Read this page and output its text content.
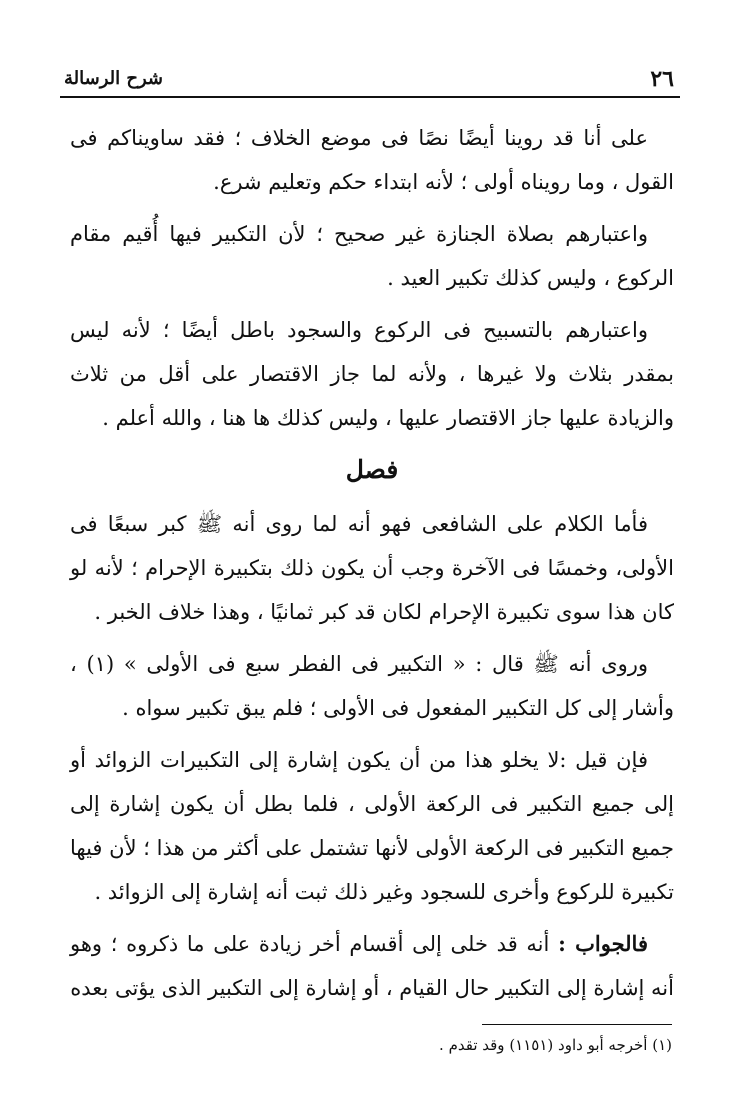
٢٦
شرح الرسالة

على أنا قد روينا أيضًا نصًا فى موضع الخلاف ؛ فقد ساويناكم فى القول ، وما رويناه أولى ؛ لأنه ابتداء حكم وتعليم شرع.

واعتبارهم بصلاة الجنازة غير صحيح ؛ لأن التكبير فيها أُقيم مقام الركوع ، وليس كذلك تكبير العيد .

واعتبارهم بالتسبيح فى الركوع والسجود باطل أيضًا ؛ لأنه ليس بمقدر بثلاث ولا غيرها ، ولأنه لما جاز الاقتصار على أقل من ثلاث والزيادة عليها جاز الاقتصار عليها ، وليس كذلك ها هنا ، والله أعلم .

فصل

فأما الكلام على الشافعى فهو أنه لما روى أنه ﷺ كبر سبعًا فى الأولى، وخمسًا فى الآخرة وجب أن يكون ذلك بتكبيرة الإحرام ؛ لأنه لو كان هذا سوى تكبيرة الإحرام لكان قد كبر ثمانيًا ، وهذا خلاف الخبر .

وروى أنه ﷺ قال : « التكبير فى الفطر سبع فى الأولى » (١) ، وأشار إلى كل التكبير المفعول فى الأولى ؛ فلم يبق تكبير سواه .

فإن قيل :لا يخلو هذا من أن يكون إشارة إلى التكبيرات الزوائد أو إلى جميع التكبير فى الركعة الأولى ، فلما بطل أن يكون إشارة إلى جميع التكبير فى الركعة الأولى لأنها تشتمل على أكثر من هذا ؛ لأن فيها تكبيرة للركوع وأخرى للسجود وغير ذلك ثبت أنه إشارة إلى الزوائد .

فالجواب : أنه قد خلى إلى أقسام أخر زيادة على ما ذكروه ؛ وهو أنه إشارة إلى التكبير حال القيام ، أو إشارة إلى التكبير الذى يؤتى بعده

(١) أخرجه أبو داود (١١٥١) وقد تقدم .
